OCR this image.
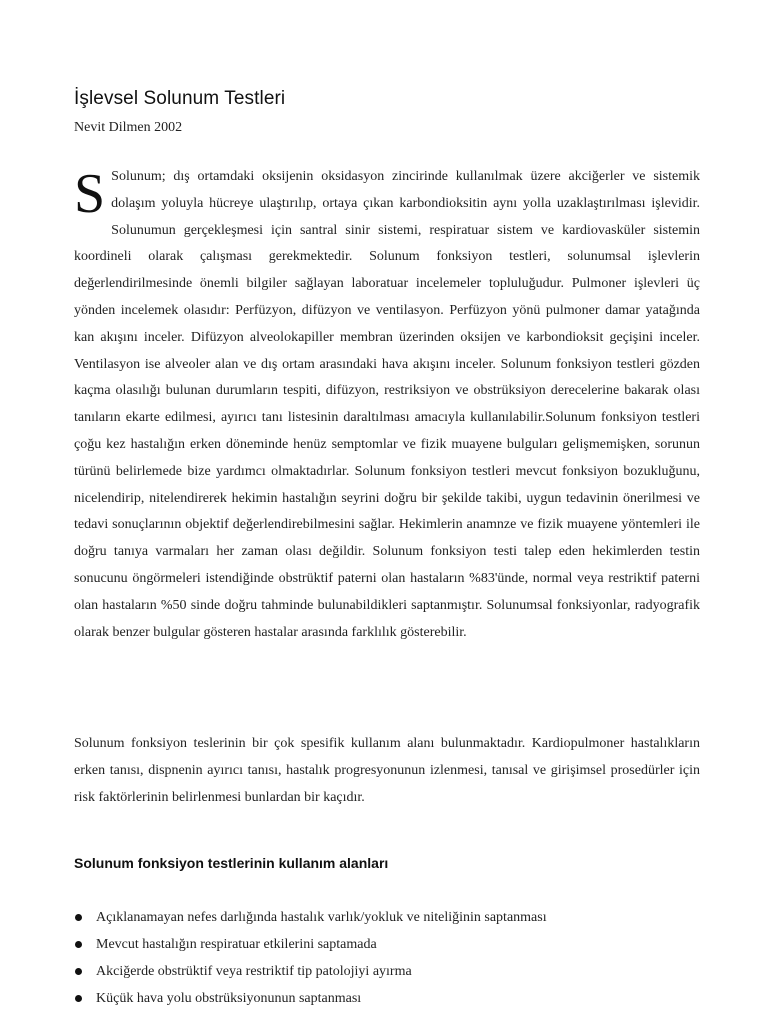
İşlevsel Solunum Testleri
Nevit Dilmen 2002
S Solunum; dış ortamdaki oksijenin oksidasyon zincirinde kullanılmak üzere akciğerler ve sistemik dolaşım yoluyla hücreye ulaştırılıp, ortaya çıkan karbondioksitin aynı yolla uzaklaştırılması işlevidir. Solunumun gerçekleşmesi için santral sinir sistemi, respiratuar sistem ve kardiovasküler sistemin koordineli olarak çalışması gerekmektedir. Solunum fonksiyon testleri, solunumsal işlevlerin değerlendirilmesinde önemli bilgiler sağlayan laboratuar incelemeler topluluğudur. Pulmoner işlevleri üç yönden incelemek olasıdır: Perfüzyon, difüzyon ve ventilasyon. Perfüzyon yönü pulmoner damar yatağında kan akışını inceler. Difüzyon alveolokapiller membran üzerinden oksijen ve karbondioksit geçişini inceler. Ventilasyon ise alveoler alan ve dış ortam arasındaki hava akışını inceler. Solunum fonksiyon testleri gözden kaçma olasılığı bulunan durumların tespiti, difüzyon, restriksiyon ve obstrüksiyon derecelerine bakarak olası tanıların ekarte edilmesi, ayırıcı tanı listesinin daraltılması amacıyla kullanılabilir.Solunum fonksiyon testleri çoğu kez hastalığın erken döneminde henüz semptomlar ve fizik muayene bulguları gelişmemişken, sorunun türünü belirlemede bize yardımcı olmaktadırlar. Solunum fonksiyon testleri mevcut fonksiyon bozukluğunu, nicelendirip, nitelendirerek hekimin hastalığın seyrini doğru bir şekilde takibi, uygun tedavinin önerilmesi ve tedavi sonuçlarının objektif değerlendirebilmesini sağlar. Hekimlerin anamnze ve fizik muayene yöntemleri ile doğru tanıya varmaları her zaman olası değildir. Solunum fonksiyon testi talep eden hekimlerden testin sonucunu öngörmeleri istendiğinde obstrüktif paterni olan hastaların %83'ünde, normal veya restriktif paterni olan hastaların %50 sinde doğru tahminde bulunabildikleri saptanmıştır. Solunumsal fonksiyonlar, radyografik olarak benzer bulgular gösteren hastalar arasında farklılık gösterebilir.
Solunum fonksiyon teslerinin bir çok spesifik kullanım alanı bulunmaktadır. Kardiopulmoner hastalıkların erken tanısı, dispnenin ayırıcı tanısı, hastalık progresyonunun izlenmesi, tanısal ve girişimsel prosedürler için risk faktörlerinin belirlenmesi bunlardan bir kaçıdır.
Solunum fonksiyon testlerinin kullanım alanları
Açıklanamayan nefes darlığında hastalık varlık/yokluk ve niteliğinin saptanması
Mevcut hastalığın respiratuar etkilerini saptamada
Akciğerde obstrüktif veya restriktif tip patolojiyi ayırma
Küçük hava yolu obstrüksiyonunun saptanması
